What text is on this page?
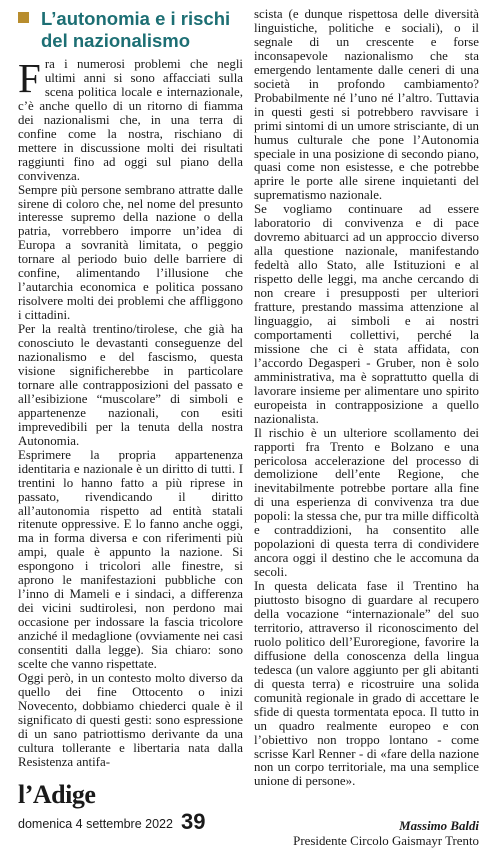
L’autonomia e i rischi del nazionalismo

Fra i numerosi problemi che negli ultimi anni si sono affacciati sulla scena politica locale e internazionale, c’è anche quello di un ritorno di fiamma dei nazionalismi che, in una terra di confine come la nostra, rischiano di mettere in discussione molti dei risultati raggiunti fino ad oggi sul piano della convivenza.

Sempre più persone sembrano attratte dalle sirene di coloro che, nel nome del presunto interesse supremo della nazione o della patria, vorrebbero imporre un’idea di Europa a sovranità limitata, o peggio tornare al periodo buio delle barriere di confine, alimentando l’illusione che l’autarchia economica e politica possano risolvere molti dei problemi che affliggono i cittadini.

Per la realtà trentino/tirolese, che già ha conosciuto le devastanti conseguenze del nazionalismo e del fascismo, questa visione significherebbe in particolare tornare alle contrapposizioni del passato e all’esibizione “muscolare” di simboli e appartenenze nazionali, con esiti imprevedibili per la tenuta della nostra Autonomia.

Esprimere la propria appartenenza identitaria e nazionale è un diritto di tutti. I trentini lo hanno fatto a più riprese in passato, rivendicando il diritto all’autonomia rispetto ad entità statali ritenute oppressive. E lo fanno anche oggi, ma in forma diversa e con riferimenti più ampi, quale è appunto la nazione. Si espongono i tricolori alle finestre, si aprono le manifestazioni pubbliche con l’inno di Mameli e i sindaci, a differenza dei vicini sudtirolesi, non perdono mai occasione per indossare la fascia tricolore anziché il medaglione (ovviamente nei casi consentiti dalla legge). Sia chiaro: sono scelte che vanno rispettate.

Oggi però, in un contesto molto diverso da quello dei fine Ottocento o inizi Novecento, dobbiamo chiederci quale è il significato di questi gesti: sono espressione di un sano patriottismo derivante da una cultura tollerante e libertaria nata dalla Resistenza antifa-

scista (e dunque rispettosa delle diversità linguistiche, politiche e sociali), o il segnale di un crescente e forse inconsapevole nazionalismo che sta emergendo lentamente dalle ceneri di una società in profondo cambiamento? Probabilmente né l’uno né l’altro. Tuttavia in questi gesti si potrebbero ravvisare i primi sintomi di un umore strisciante, di un humus culturale che pone l’Autonomia speciale in una posizione di secondo piano, quasi come non esistesse, e che potrebbe aprire le porte alle sirene inquietanti del suprematismo nazionale.

Se vogliamo continuare ad essere laboratorio di convivenza e di pace dovremo abituarci ad un approccio diverso alla questione nazionale, manifestando fedeltà allo Stato, alle Istituzioni e al rispetto delle leggi, ma anche cercando di non creare i presupposti per ulteriori fratture, prestando massima attenzione al linguaggio, ai simboli e ai nostri comportamenti collettivi, perché la missione che ci è stata affidata, con l’accordo Degasperi - Gruber, non è solo amministrativa, ma è soprattutto quella di lavorare insieme per alimentare uno spirito europeista in contrapposizione a quello nazionalista.

Il rischio è un ulteriore scollamento dei rapporti fra Trento e Bolzano e una pericolosa accelerazione del processo di demolizione dell’ente Regione, che inevitabilmente potrebbe portare alla fine di una esperienza di convivenza tra due popoli: la stessa che, pur tra mille difficoltà e contraddizioni, ha consentito alle popolazioni di questa terra di condividere ancora oggi il destino che le accomuna da secoli.

In questa delicata fase il Trentino ha piuttosto bisogno di guardare al recupero della vocazione “internazionale” del suo territorio, attraverso il riconoscimento del ruolo politico dell’Euroregione, favorire la diffusione della conoscenza della lingua tedesca (un valore aggiunto per gli abitanti di questa terra) e ricostruire una solida comunità regionale in grado di accettare le sfide di questa tormentata epoca. Il tutto in un quadro realmente europeo e con l’obiettivo non troppo lontano - come scrisse Karl Renner - di «fare della nazione non un corpo territoriale, ma una semplice unione di persone».

l’Adige
domenica 4 settembre 2022 39	Massimo Baldi
Presidente Circolo Gaismayr Trento
